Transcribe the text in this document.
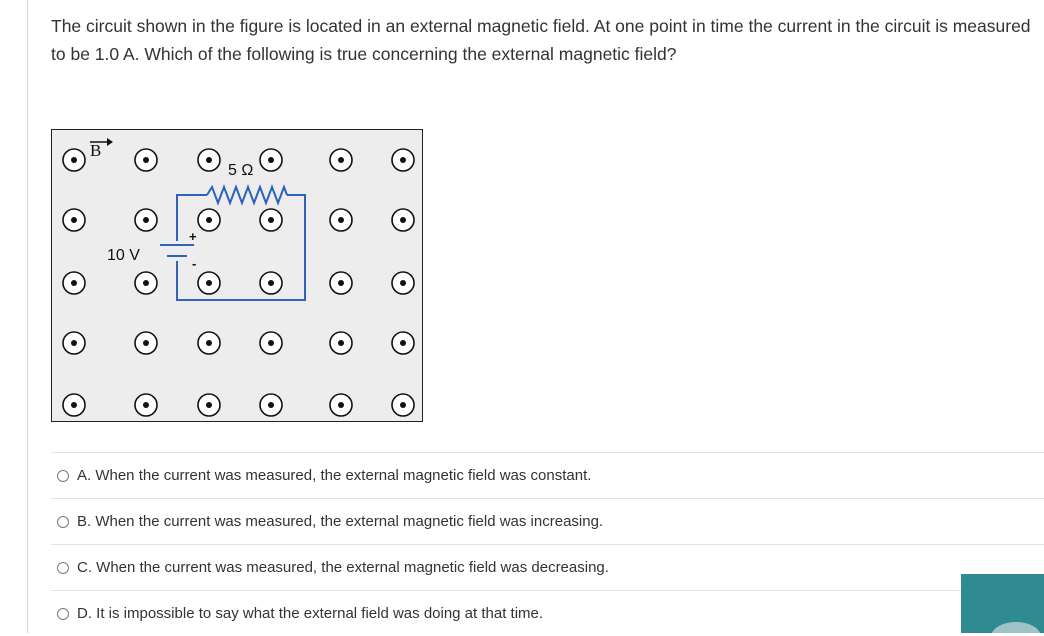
The circuit shown in the figure is located in an external magnetic field. At one point in time the current in the circuit is measured to be 1.0 A. Which of the following is true concerning the external magnetic field?
B
5 Ω
10 V
+
-
A. When the current was measured, the external magnetic field was constant.
B. When the current was measured, the external magnetic field was increasing.
C. When the current was measured, the external magnetic field was decreasing.
D. It is impossible to say what the external field was doing at that time.
